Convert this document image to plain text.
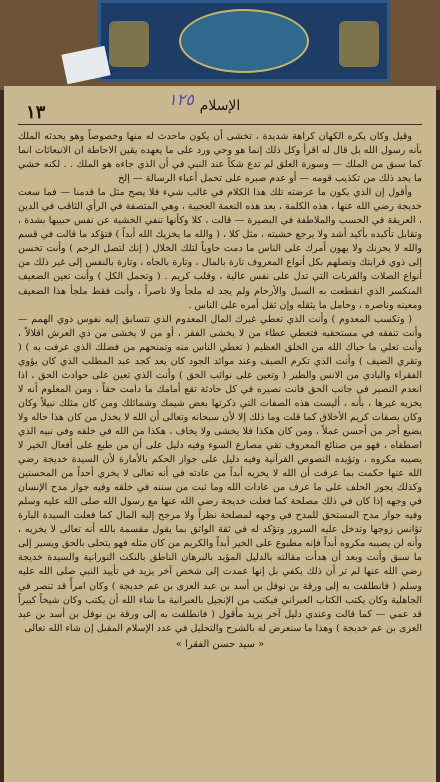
١٣	الإسلام
١٢٥

وقيل وكان يكره الكهان كراهة شديدة ، تخشى أن يكون ماحدث له منها وخصوصاً وهو يحدثه الملك بأنه رسول الله بل قال له اقرأ وكل ذلك إنما هو وحي ورد على ما يعهده يقين الاحاطة ان الانبعاثات انما كما سبق من الملك — وسورة العلق لم تدع شكاً عند النبي في أن الذي جاءه هو الملك . . لكنه خشي ما يجد ذلك من تكذيب قومه — أو عدم صبره على تحمل أعباء الرسالة — إلخ

وأقول إن الذي يكون ما عرضته تلك هذا الكلام في غالب شيء فلا يصح مثل ما قدمنا — فما سعت خديجة رضي الله عنها ، هذه الكلمة ، بعد هذه النعمة العجيبة ، وهي المتصفة في الرأي الثاقب في الدين ، العريقة في الحسب والملاطفة في البصيرة — قالت ، كلا وكأنها تنفي الخشية عن نفس حبيبها بشدة ، وتقابل تأكيده بأكيد أشد ولا يرجع خشيته ، مثل كلا ، ( والله ما يخزيك الله أبداً ) فتؤكد ما قالت في قسم والله لا يحزنك ولا يهون أمرك على الناس ما دمت حاوياً لتلك الخلال ( إنك لتصل الرحم ) وأنت تحسن إلى ذوي قرابتك وتصلهم بكل أنواع المعروف تارة بالمال ، وتارة بالجاه ، وتارة بالنفس إلى غير ذلك من أنواع الصلات والقربات التي تدل على نفس عالية ، وقلب كريم . ( وتحمل الكل ) وأنت تعين الضعيف المنكسر الذي انقطعت به السبل والأرحام ولم يجد له ملجأ ولا ناصراً ، وأنت فقط ملجأ هذا الضعيف ومعينه وناصره ، وحامل ما يثقله وإن ثقل أمره على الناس .

( وتكسب المعدوم ) وأنت الذي تعطي غيرك المال المعدوم الذي تتسابق إليه نفوس ذوي الهمم — وأنت تنفقه في مستحقيه فتعطي عطاء من لا يخشى الفقر ، أو من لا يخشى من ذي العرش اقلالاً ، وأنت تعلي ما حباك الله من الخلق العظيم ( تعطي الناس منه وتمنحهم من فضلك الذي عرفت به ) ( وتقري الضيف ) وأنت الذي تكرم الضيف وعند موائد الجود كان يعد كجد عبد المطلب الذي كان يؤوي الفقراء والبادي من الانس والطير ( وتعين على نوائب الحق ) وأنت الذي تعين على حوادث الحق ، اذا انعدم النصير في جانب الحق فانت نصيره في كل حادثة تقع أمامك ما دامت حقاً ، ومن المعلوم أنه لا يخزيه غيرها ، بأنه ، أليست هذه الصفات التي ذكرتها بعض شيمك وشمائلك ومن كان مثلك نبيلاً وكان وكان بصفات كريم الأخلاق كما قلت وما ذلك إلا لأن سبحانه وتعالى أن الله لا يخذل من كان هذا حاله ولا يضيع أجر من أحسن عملاً ، ومن كان هكذا فلا يخشى ولا يخاف ، هكذا من الله في خلقه وفي نبيه الذي اصطفاه ، فهو من صنائع المعروف تقي مصارع السوء وفيه دليل على أن من طبع على أفعال الخير لا يصيبه مكروه ، وتؤيده النصوص القرآنية وفيه دليل على جواز الحكم بالأمارة لأن السيدة خديجة رضي الله عنها حكمت بما عرفت أن الله لا يخزيه أبداً من عادته في أنه تعالى لا يخزي أحداً من المحسنين وكذلك يجوز الحلف على ما عرف من عادات الله وما ثبت من سننه في خلقه وفيه جواز مدح الإنسان في وجهه إذا كان في ذلك مصلحة كما فعلت خديجة رضي الله عنها مع رسول الله صلى الله عليه وسلم وفيه جواز مدح المستحق للمدح في وجهه لمصلحة نظراً ولا مرجح إليه المال كما فعلت السيدة البارة تؤانس زوجها وتدخل عليه السرور وتؤكد له في ثقة الواثق بما يقول مقسمة بالله أنه تعالى لا يخزيه ، وأنه لن يصيبه مكروه أبداً فإنه مطبوع على الخير أبداً والكريم من كان مثله فهو يتحلى بالحق ويسير إلى ما سبق وأنت وبعد أن هدأت مقالته بالدليل المؤيد بالبرهان الناطق بالنكث النورانية والسيدة خديجة رضي الله عنها لم تر أن ذلك يكفي بل إنها عمدت إلى شخص آخر يزيد في تأييد النبي صلى الله عليه وسلم ( فانطلقت به إلى ورقة بن نوفل بن أسد بن عبد العزى بن عم خديجة ) وكان امرأً قد تنصر في الجاهلية وكان يكتب الكتاب العبراني فيكتب من الإنجيل بالعبرانية ما شاء الله أن يكتب وكان شيخاً كبيراً قد عمي — كما قالت وعندي دليل آخر يزيد مأقول ( فانطلقت به إلى ورقة بن نوفل بن أسد بن عبد العزى بن عم خديجة ) وهذا ما سنعرض له بالشرح والتحليل في عدد الإسلام المقبل إن شاء الله تعالى

« سيد حسن الفقرا »
